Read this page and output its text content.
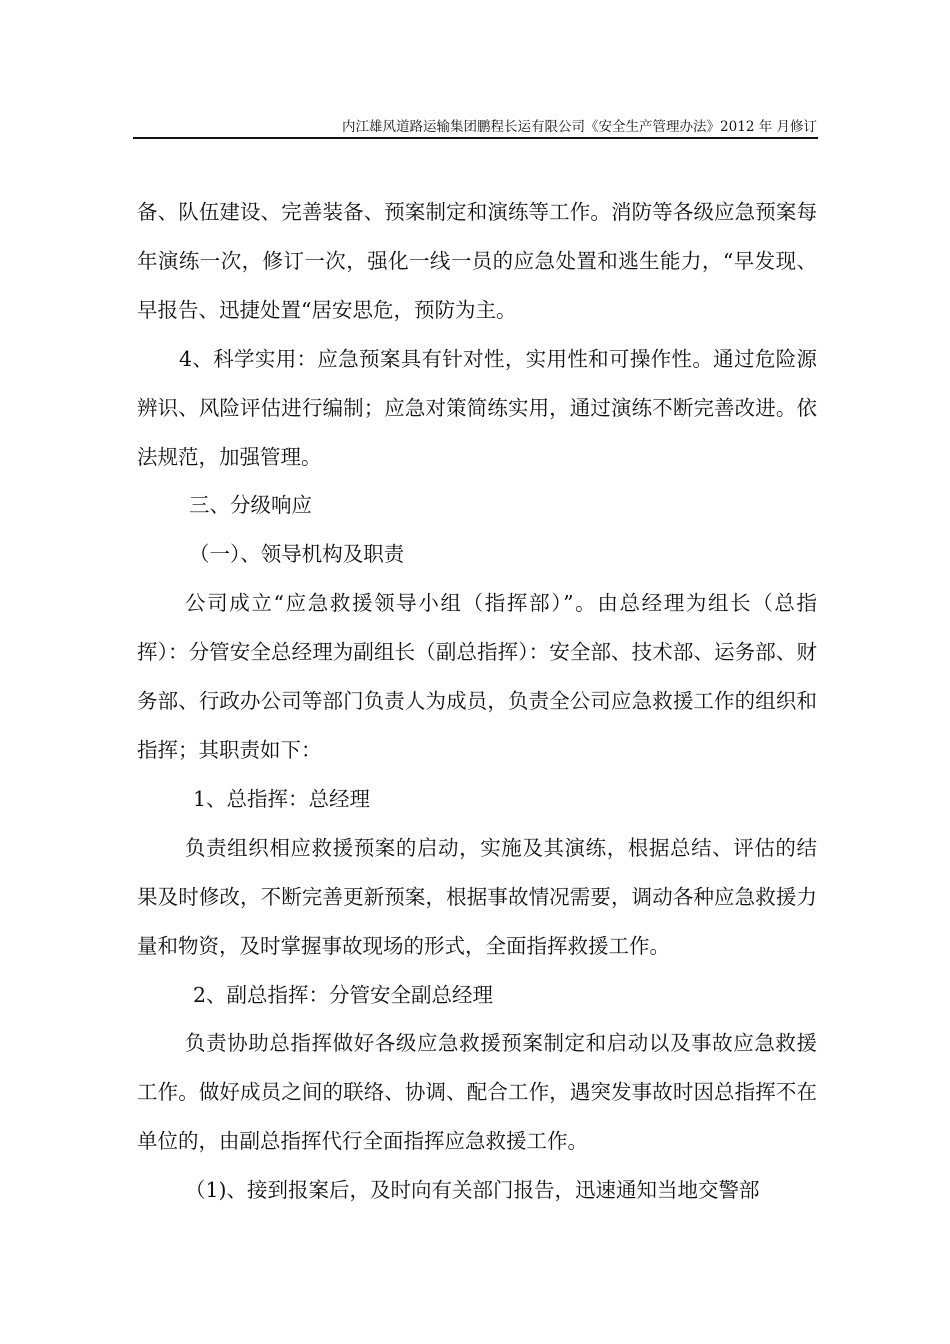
内江雄风道路运输集团鹏程长运有限公司《安全生产管理办法》2012 年 月修订

备、队伍建设、完善装备、预案制定和演练等工作。消防等各级应急预案每年演练一次，修订一次，强化一线一员的应急处置和逃生能力，“早发现、早报告、迅捷处置“居安思危，预防为主。

4、科学实用：应急预案具有针对性，实用性和可操作性。通过危险源辨识、风险评估进行编制；应急对策简练实用，通过演练不断完善改进。依法规范，加强管理。

三、分级响应

（一）、领导机构及职责

公司成立“应急救援领导小组（指挥部）”。由总经理为组长（总指挥）：分管安全总经理为副组长（副总指挥）：安全部、技术部、运务部、财务部、行政办公司等部门负责人为成员，负责全公司应急救援工作的组织和指挥；其职责如下：

1、总指挥：总经理

负责组织相应救援预案的启动，实施及其演练，根据总结、评估的结果及时修改，不断完善更新预案，根据事故情况需要，调动各种应急救援力量和物资，及时掌握事故现场的形式，全面指挥救援工作。

2、副总指挥：分管安全副总经理

负责协助总指挥做好各级应急救援预案制定和启动以及事故应急救援工作。做好成员之间的联络、协调、配合工作，遇突发事故时因总指挥不在单位的，由副总指挥代行全面指挥应急救援工作。

（1)、接到报案后，及时向有关部门报告，迅速通知当地交警部
